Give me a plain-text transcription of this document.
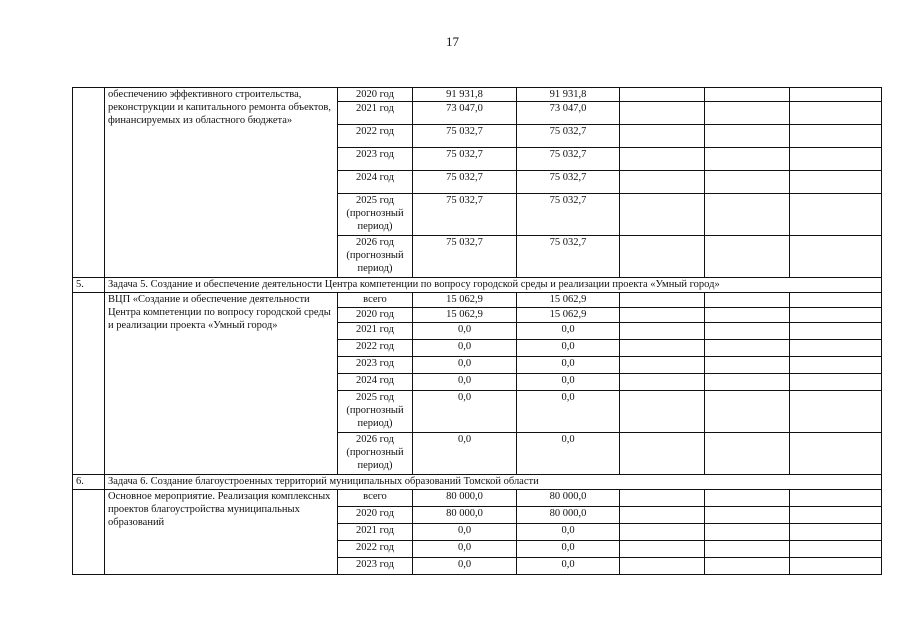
17
	обеспечению эффективного строительства, реконструкции и капитального ремонта объектов, финансируемых из областного бюджета»	2020 год	91 931,8	91 931,8			
		2021 год	73 047,0	73 047,0			
		2022 год	75 032,7	75 032,7			
		2023 год	75 032,7	75 032,7			
		2024 год	75 032,7	75 032,7			
		2025 год (прогнозный период)	75 032,7	75 032,7			
		2026 год (прогнозный период)	75 032,7	75 032,7			
5.	Задача 5. Создание и обеспечение деятельности Центра компетенции по вопросу городской среды и реализации проекта «Умный город»						
	ВЦП «Создание и обеспечение деятельности Центра компетенции по вопросу городской среды и реализации проекта «Умный город»	всего	15 062,9	15 062,9			
		2020 год	15 062,9	15 062,9			
		2021 год	0,0	0,0			
		2022 год	0,0	0,0			
		2023 год	0,0	0,0			
		2024 год	0,0	0,0			
		2025 год (прогнозный период)	0,0	0,0			
		2026 год (прогнозный период)	0,0	0,0			
6.	Задача 6. Создание благоустроенных территорий муниципальных образований Томской области						
	Основное мероприятие. Реализация комплексных проектов благоустройства муниципальных образований	всего	80 000,0	80 000,0			
		2020 год	80 000,0	80 000,0			
		2021 год	0,0	0,0			
		2022 год	0,0	0,0			
		2023 год	0,0	0,0			
